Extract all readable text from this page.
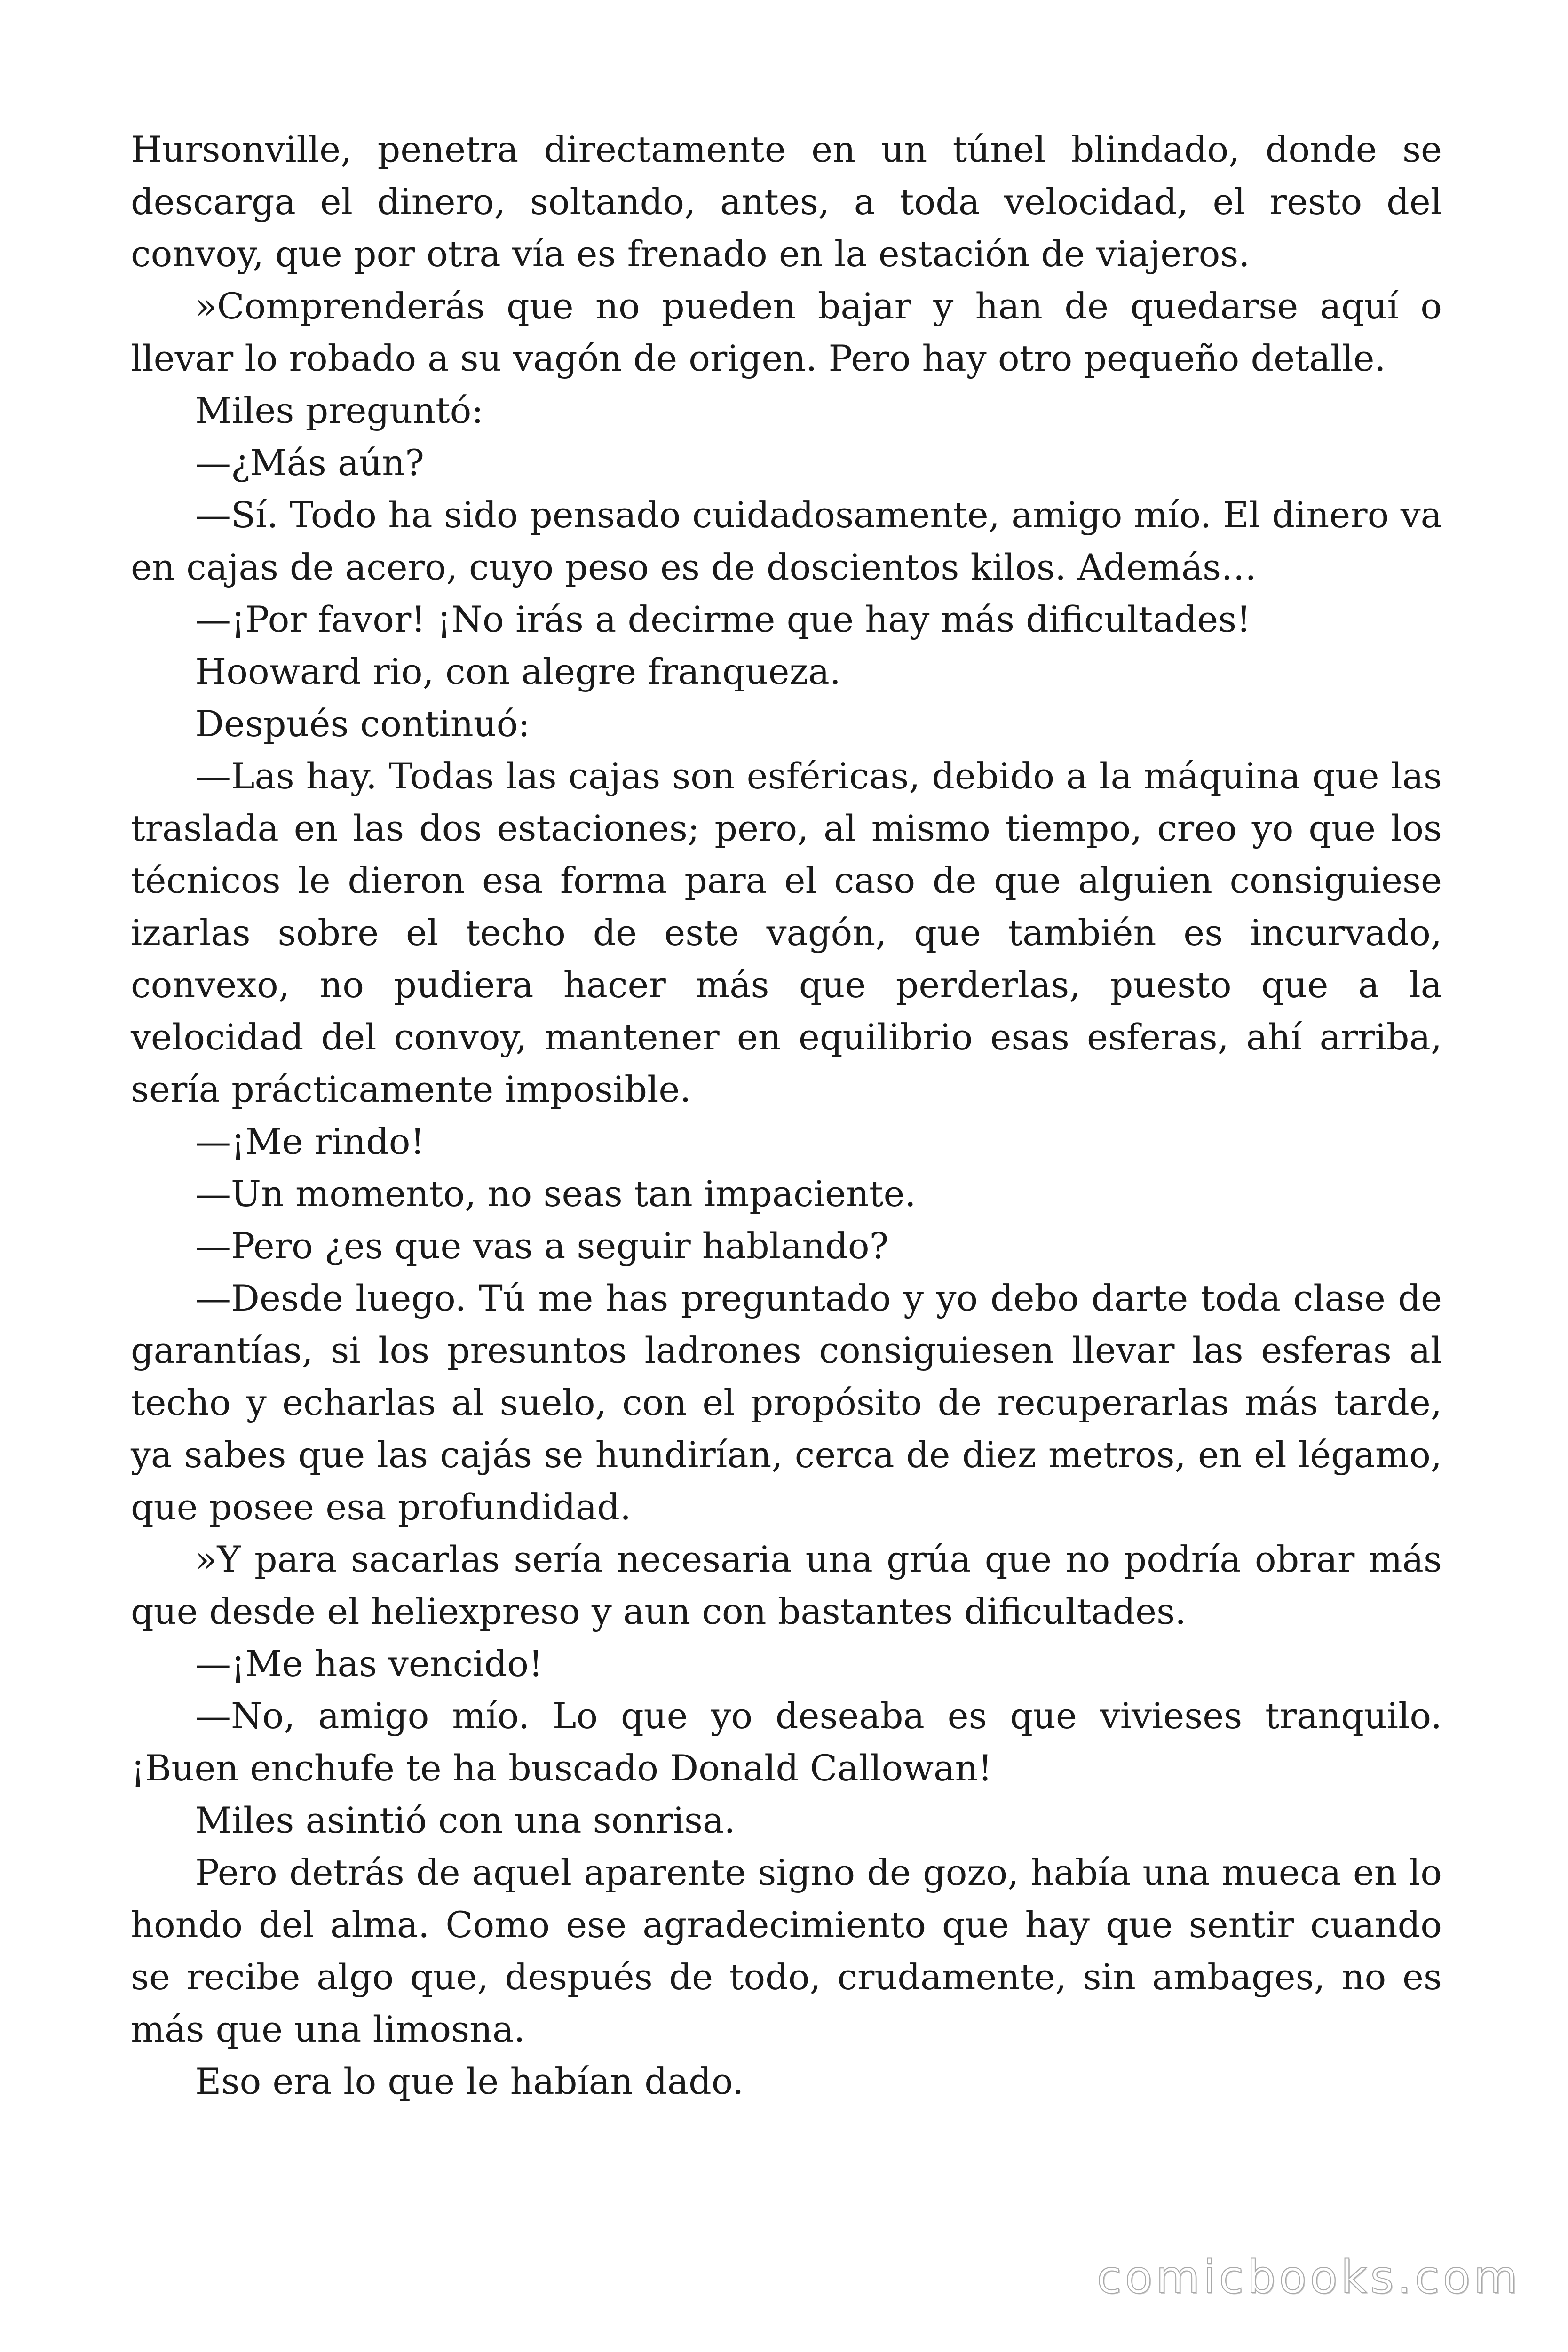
Hursonville, penetra directamente en un túnel blindado, donde se descarga el dinero, soltando, antes, a toda velocidad, el resto del convoy, que por otra vía es frenado en la estación de viajeros.

»Comprenderás que no pueden bajar y han de quedarse aquí o llevar lo robado a su vagón de origen. Pero hay otro pequeño detalle.

Miles preguntó:

—¿Más aún?

—Sí. Todo ha sido pensado cuidadosamente, amigo mío. El dinero va en cajas de acero, cuyo peso es de doscientos kilos. Además…

—¡Por favor! ¡No irás a decirme que hay más dificultades!

Hooward rio, con alegre franqueza.

Después continuó:

—Las hay. Todas las cajas son esféricas, debido a la máquina que las traslada en las dos estaciones; pero, al mismo tiempo, creo yo que los técnicos le dieron esa forma para el caso de que alguien consiguiese izarlas sobre el techo de este vagón, que también es incurvado, convexo, no pudiera hacer más que perderlas, puesto que a la velocidad del convoy, mantener en equilibrio esas esferas, ahí arriba, sería prácticamente imposible.

—¡Me rindo!

—Un momento, no seas tan impaciente.

—Pero ¿es que vas a seguir hablando?

—Desde luego. Tú me has preguntado y yo debo darte toda clase de garantías, si los presuntos ladrones consiguiesen llevar las esferas al techo y echarlas al suelo, con el propósito de recuperarlas más tarde, ya sabes que las cajás se hundirían, cerca de diez metros, en el légamo, que posee esa profundidad.

»Y para sacarlas sería necesaria una grúa que no podría obrar más que desde el heliexpreso y aun con bastantes dificultades.

—¡Me has vencido!

—No, amigo mío. Lo que yo deseaba es que vivieses tranquilo. ¡Buen enchufe te ha buscado Donald Callowan!

Miles asintió con una sonrisa.

Pero detrás de aquel aparente signo de gozo, había una mueca en lo hondo del alma. Como ese agradecimiento que hay que sentir cuando se recibe algo que, después de todo, crudamente, sin ambages, no es más que una limosna.

Eso era lo que le habían dado.

comicbooks.com
